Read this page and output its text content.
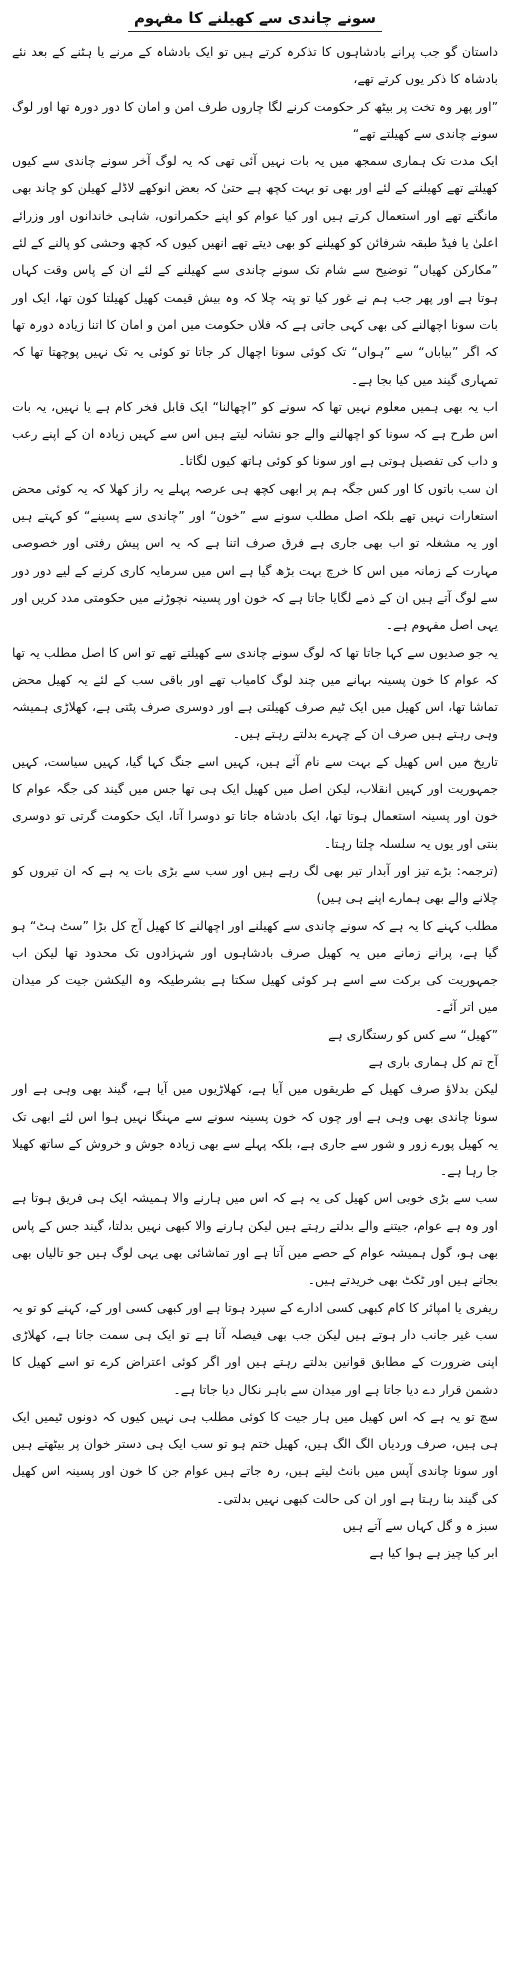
سونے چاندی سے کھیلنے کا مفہوم

داستان گو جب پرانے بادشاہوں کا تذکرہ کرتے ہیں تو ایک بادشاہ کے مرنے یا ہٹنے کے بعد نئے بادشاہ کا ذکر یوں کرتے تھے،

”اور پھر وہ تخت پر بیٹھ کر حکومت کرنے لگا چاروں طرف امن و امان کا دور دورہ تھا اور لوگ سونے چاندی سے کھیلتے تھے“

ایک مدت تک ہماری سمجھ میں یہ بات نہیں آئی تھی کہ یہ لوگ آخر سونے چاندی سے کیوں کھیلتے تھے کھیلنے کے لئے اور بھی تو بہت کچھ ہے حتیٰ کہ بعض انوکھے لاڈلے کھیلن کو چاند بھی مانگتے تھے اور استعمال کرتے ہیں اور کیا عوام کو اپنے حکمرانوں، شاہی خاندانوں اور وزرائے اعلیٰ یا فیڈ طبقہ شرفائن کو کھیلنے کو بھی دیتے تھے انھیں کیوں کہ کچھ وحشی کو پالنے کے لئے ”مکارکن کھیاں“ توضیح سے شام تک سونے چاندی سے کھیلنے کے لئے ان کے پاس وقت کہاں ہوتا ہے اور پھر جب ہم نے غور کیا تو پتہ چلا کہ وہ بیش قیمت کھیل کھیلتا کون تھا، ایک اور بات سونا اچھالنے کی بھی کہی جاتی ہے کہ فلاں حکومت میں امن و امان کا اتنا زیادہ دورہ تھا کہ اگر ”بیاباں“ سے ”ہواں“ تک کوئی سونا اچھال کر جاتا تو کوئی یہ تک نہیں پوچھتا تھا کہ تمہاری گیند میں کیا بجا ہے۔

اب یہ بھی ہمیں معلوم نہیں تھا کہ سونے کو ”اچھالنا“ ایک قابل فخر کام ہے یا نہیں، یہ بات اس طرح ہے کہ سونا کو اچھالنے والے جو نشانہ لیتے ہیں اس سے کہیں زیادہ ان کے اپنے رعب و داب کی تفصیل ہوتی ہے اور سونا کو کوئی ہاتھ کیوں لگاتا۔

ان سب باتوں کا اور کس جگہ ہم پر ابھی کچھ ہی عرصہ پہلے یہ راز کھلا کہ یہ کوئی محض استعارات نہیں تھے بلکہ اصل مطلب سونے سے ”خون“ اور ”چاندی سے پسینے“ کو کہتے ہیں اور یہ مشغلہ تو اب بھی جاری ہے فرق صرف اتنا ہے کہ یہ اس پیش رفتی اور خصوصی مہارت کے زمانہ میں اس کا خرچ بہت بڑھ گیا ہے اس میں سرمایہ کاری کرنے کے لیے دور دور سے لوگ آتے ہیں ان کے ذمے لگایا جاتا ہے کہ خون اور پسینہ نچوڑنے میں حکومتی مدد کریں اور یہی اصل مفہوم ہے۔

یہ جو صدیوں سے کہا جاتا تھا کہ لوگ سونے چاندی سے کھیلتے تھے تو اس کا اصل مطلب یہ تھا کہ عوام کا خون پسینہ بہانے میں چند لوگ کامیاب تھے اور باقی سب کے لئے یہ کھیل محض تماشا تھا، اس کھیل میں ایک ٹیم صرف کھیلتی ہے اور دوسری صرف پٹتی ہے، کھلاڑی ہمیشہ وہی رہتے ہیں صرف ان کے چہرے بدلتے رہتے ہیں۔

تاریخ میں اس کھیل کے بہت سے نام آئے ہیں، کہیں اسے جنگ کہا گیا، کہیں سیاست، کہیں جمہوریت اور کہیں انقلاب، لیکن اصل میں کھیل ایک ہی تھا جس میں گیند کی جگہ عوام کا خون اور پسینہ استعمال ہوتا تھا، ایک بادشاہ جاتا تو دوسرا آتا، ایک حکومت گرتی تو دوسری بنتی اور یوں یہ سلسلہ چلتا رہتا۔

(ترجمہ: بڑے تیز اور آبدار تیر بھی لگ رہے ہیں اور سب سے بڑی بات یہ ہے کہ ان تیروں کو چلانے والے بھی ہمارے اپنے ہی ہیں)

مطلب کہنے کا یہ ہے کہ سونے چاندی سے کھیلنے اور اچھالنے کا کھیل آج کل بڑا ”سٹ ہٹ“ ہو گیا ہے، پرانے زمانے میں یہ کھیل صرف بادشاہوں اور شہزادوں تک محدود تھا لیکن اب جمہوریت کی برکت سے اسے ہر کوئی کھیل سکتا ہے بشرطیکہ وہ الیکشن جیت کر میدان میں اتر آئے۔

”کھیل“ سے کس کو رستگاری ہے

آج تم کل ہماری باری ہے

لیکن بدلاؤ صرف کھیل کے طریقوں میں آیا ہے، کھلاڑیوں میں آیا ہے، گیند بھی وہی ہے اور سونا چاندی بھی وہی ہے اور چوں کہ خون پسینہ سونے سے مہنگا نہیں ہوا اس لئے ابھی تک یہ کھیل پورے زور و شور سے جاری ہے، بلکہ پہلے سے بھی زیادہ جوش و خروش کے ساتھ کھیلا جا رہا ہے۔

سب سے بڑی خوبی اس کھیل کی یہ ہے کہ اس میں ہارنے والا ہمیشہ ایک ہی فریق ہوتا ہے اور وہ ہے عوام، جیتنے والے بدلتے رہتے ہیں لیکن ہارنے والا کبھی نہیں بدلتا، گیند جس کے پاس بھی ہو، گول ہمیشہ عوام کے حصے میں آتا ہے اور تماشائی بھی یہی لوگ ہیں جو تالیاں بھی بجاتے ہیں اور ٹکٹ بھی خریدتے ہیں۔

ریفری یا امپائر کا کام کبھی کسی ادارے کے سپرد ہوتا ہے اور کبھی کسی اور کے، کہنے کو تو یہ سب غیر جانب دار ہوتے ہیں لیکن جب بھی فیصلہ آتا ہے تو ایک ہی سمت جاتا ہے، کھلاڑی اپنی ضرورت کے مطابق قوانین بدلتے رہتے ہیں اور اگر کوئی اعتراض کرے تو اسے کھیل کا دشمن قرار دے دیا جاتا ہے اور میدان سے باہر نکال دیا جاتا ہے۔

سچ تو یہ ہے کہ اس کھیل میں ہار جیت کا کوئی مطلب ہی نہیں کیوں کہ دونوں ٹیمیں ایک ہی ہیں، صرف وردیاں الگ الگ ہیں، کھیل ختم ہو تو سب ایک ہی دستر خوان پر بیٹھتے ہیں اور سونا چاندی آپس میں بانٹ لیتے ہیں، رہ جاتے ہیں عوام جن کا خون اور پسینہ اس کھیل کی گیند بنا رہتا ہے اور ان کی حالت کبھی نہیں بدلتی۔

سبز ہ و گل کہاں سے آتے ہیں

ابر کیا چیز ہے ہوا کیا ہے
